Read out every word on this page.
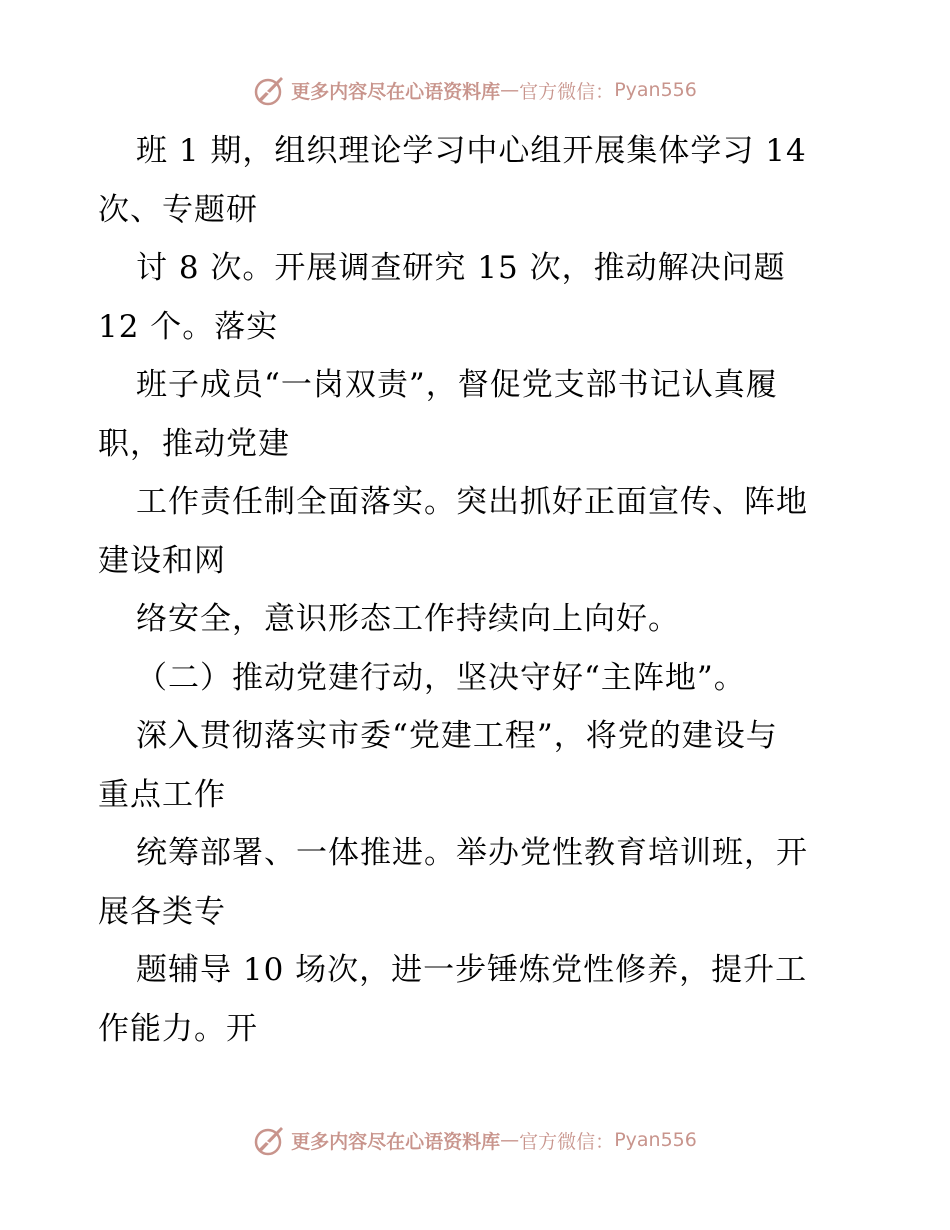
更多内容尽在心语资料库 — 官方微信： Pyan556
班 1 期，组织理论学习中心组开展集体学习 14
次、专题研
讨 8 次。开展调查研究 15 次，推动解决问题
12 个。落实
班子成员“一岗双责”，督促党支部书记认真履
职，推动党建
工作责任制全面落实。突出抓好正面宣传、阵地
建设和网
络安全，意识形态工作持续向上向好。
（二）推动党建行动，坚决守好“主阵地”。
深入贯彻落实市委“党建工程”，将党的建设与
重点工作
统筹部署、一体推进。举办党性教育培训班，开
展各类专
题辅导 10 场次，进一步锤炼党性修养，提升工
作能力。开
更多内容尽在心语资料库 — 官方微信： Pyan556
